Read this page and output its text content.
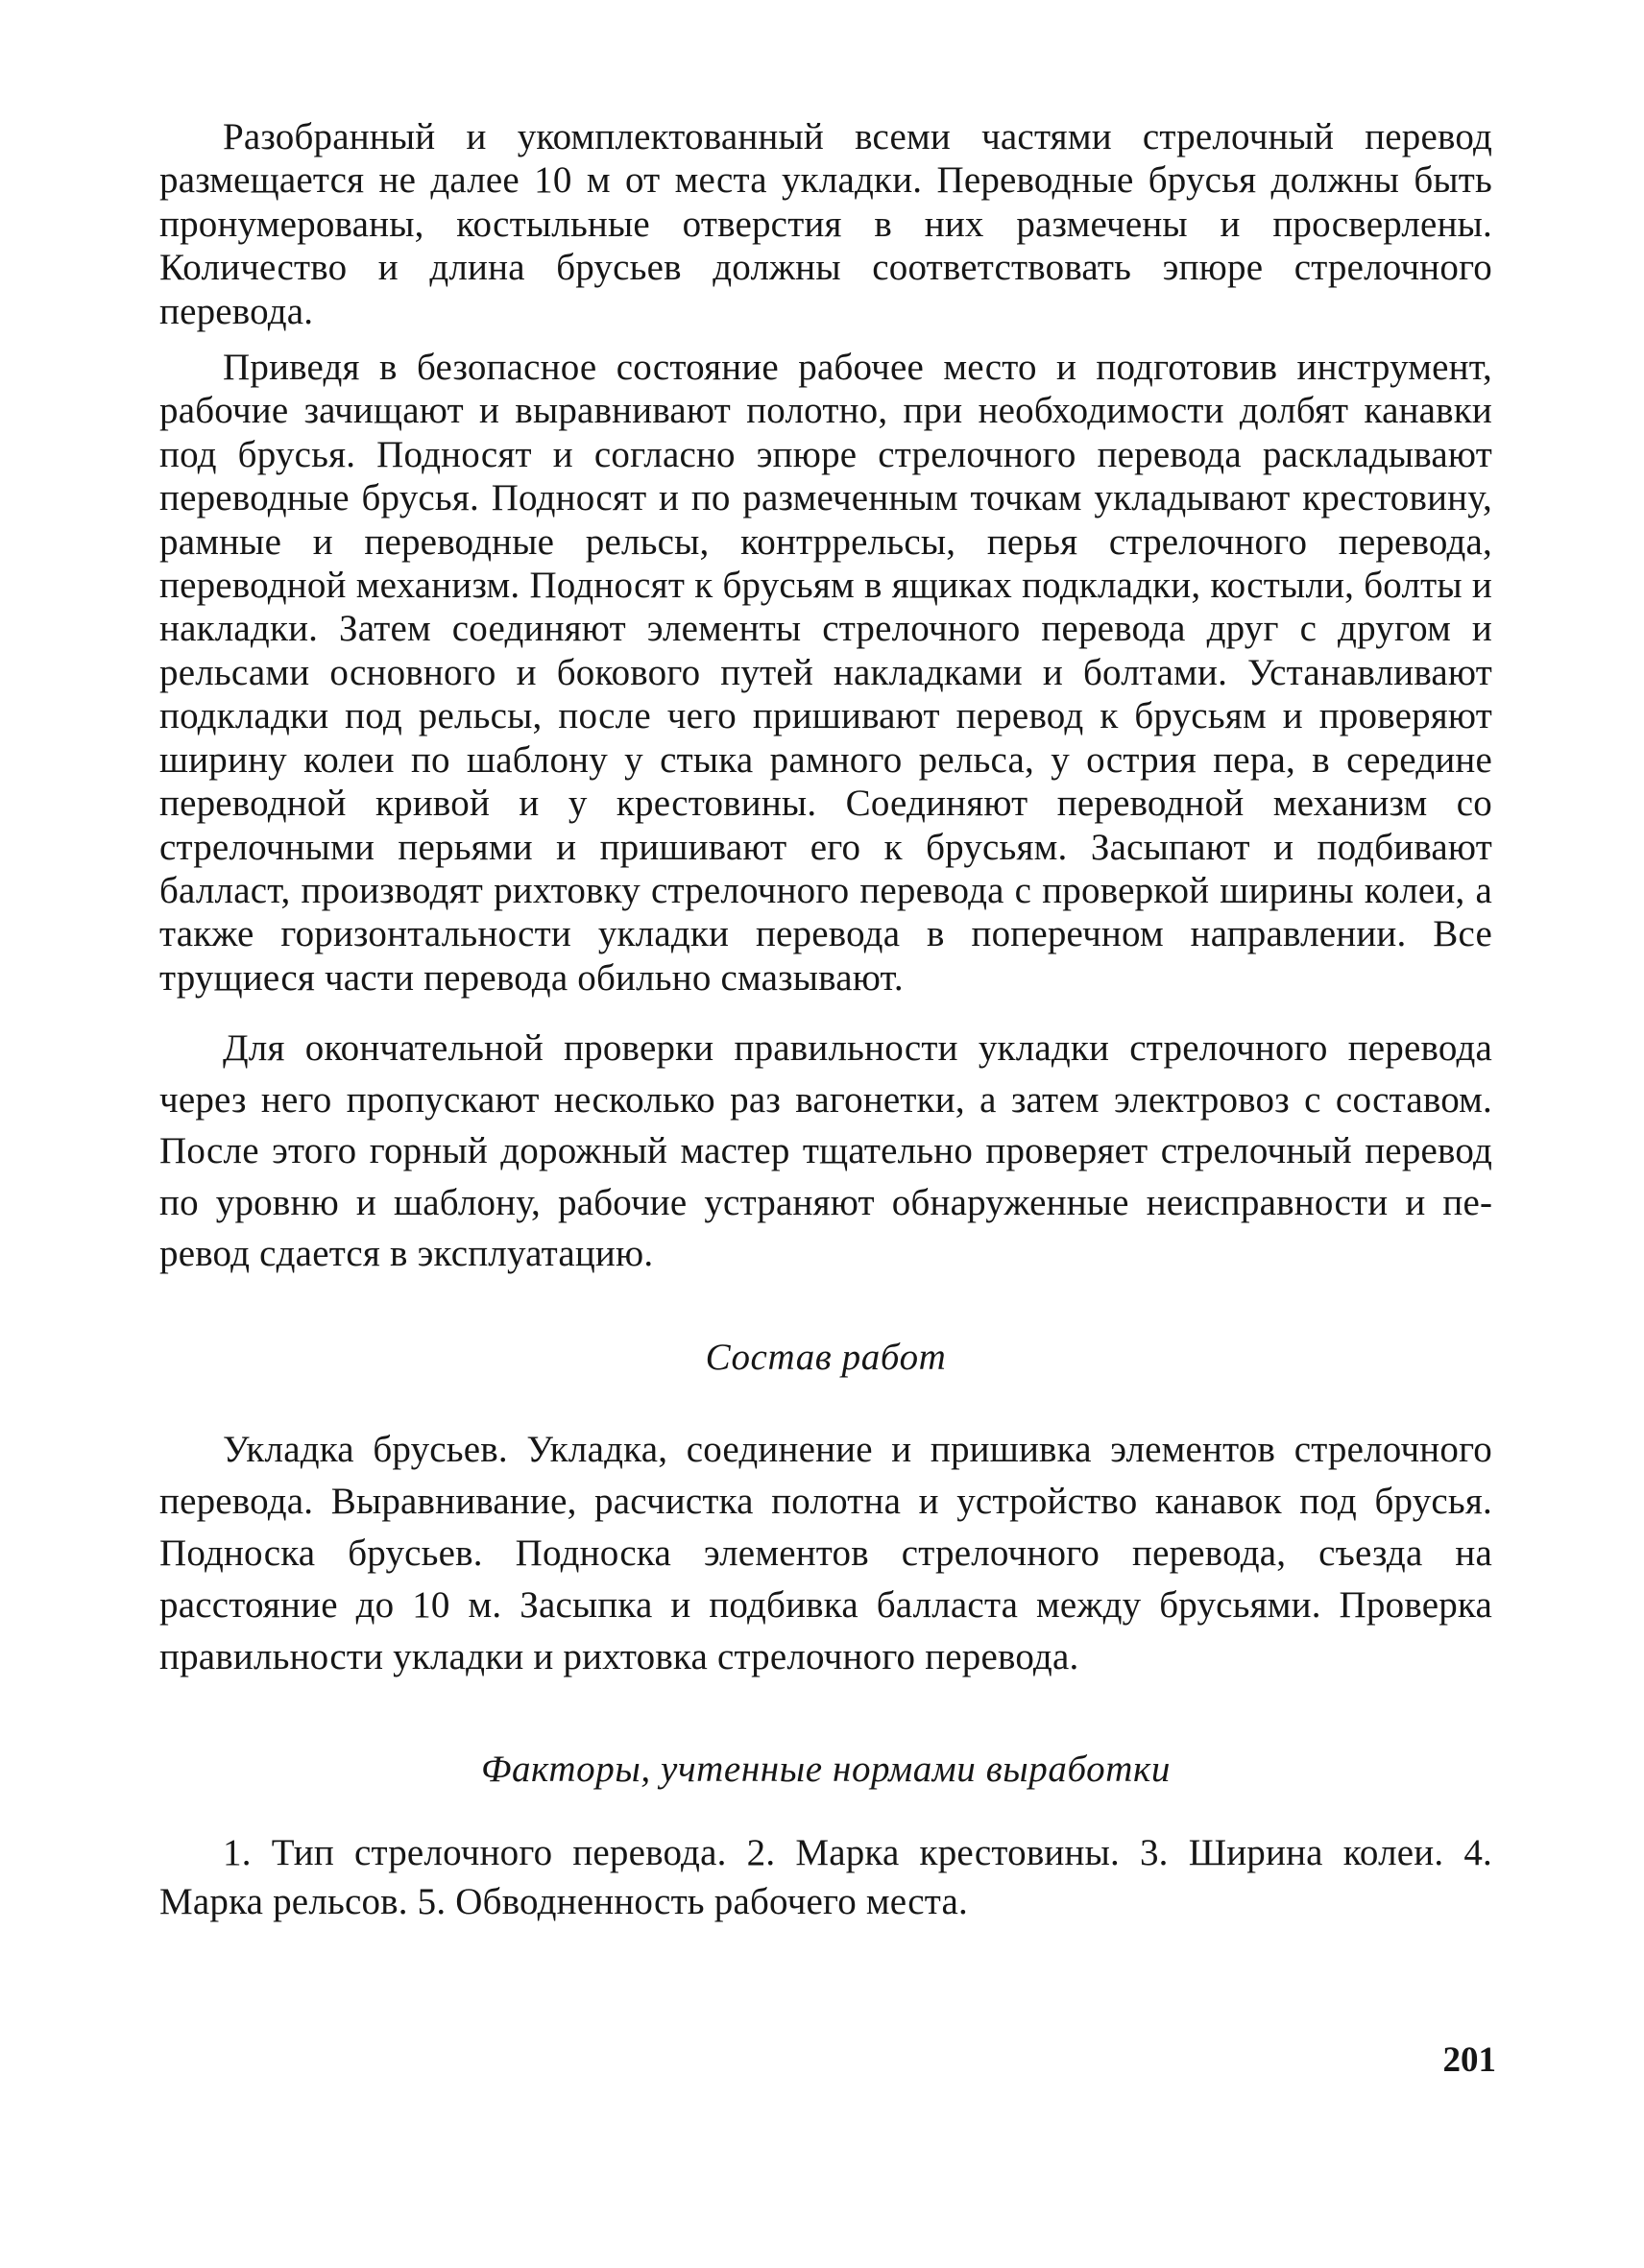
Разобранный и укомплектованный всеми частями стрелочный перевод размещается не далее 10 м от места укладки. Переводные брусья должны быть пронумерованы, костыльные отверстия в них размечены и просверлены. Количество и длина брусьев должны соответствовать эпюре стрелочного перевода.

Приведя в безопасное состояние рабочее место и подготовив инструмент, рабочие зачищают и выравнивают полотно, при необходимости долбят канавки под брусья. Подносят и согласно эпюре стрелочного перевода раскладывают переводные брусья. Подносят и по размеченным точкам укладывают крестовину, рамные и переводные рельсы, контррельсы, перья стрелочного перевода, переводной механизм. Подносят к брусьям в ящиках подкладки, костыли, болты и накладки. Затем соединяют элементы стрелочного перевода друг с другом и рельсами основного и бокового путей накладками и болтами. Устанавливают подкладки под рельсы, после чего пришивают перевод к брусьям и проверяют ширину колеи по шаблону у стыка рамного рельса, у острия пера, в середине переводной кривой и у крестовины. Соединяют переводной механизм со стрелочными перьями и пришивают его к брусьям. Засыпают и подбивают балласт, производят рихтовку стрелочного перевода с проверкой ширины колеи, а также горизонтальности укладки перевода в поперечном направлении. Все трущиеся части перевода обильно смазывают.

Для окончательной проверки правильности укладки стрелочного перевода через него пропускают несколько раз вагонетки, а затем электровоз с составом. После этого горный дорожный мастер тщательно проверяет стрелочный перевод по уровню и шаблону, рабочие устраняют обнаруженные неисправности и перевод сдается в эксплуатацию.

Состав работ

Укладка брусьев. Укладка, соединение и пришивка элементов стрелочного перевода. Выравнивание, расчистка полотна и устройство канавок под брусья. Подноска брусьев. Подноска элементов стрелочного перевода, съезда на расстояние до 10 м. Засыпка и подбивка балласта между брусьями. Проверка правильности укладки и рихтовка стрелочного перевода.

Факторы, учтенные нормами выработки

1. Тип стрелочного перевода. 2. Марка крестовины. 3. Ширина колеи. 4. Марка рельсов. 5. Обводненность рабочего места.

201
